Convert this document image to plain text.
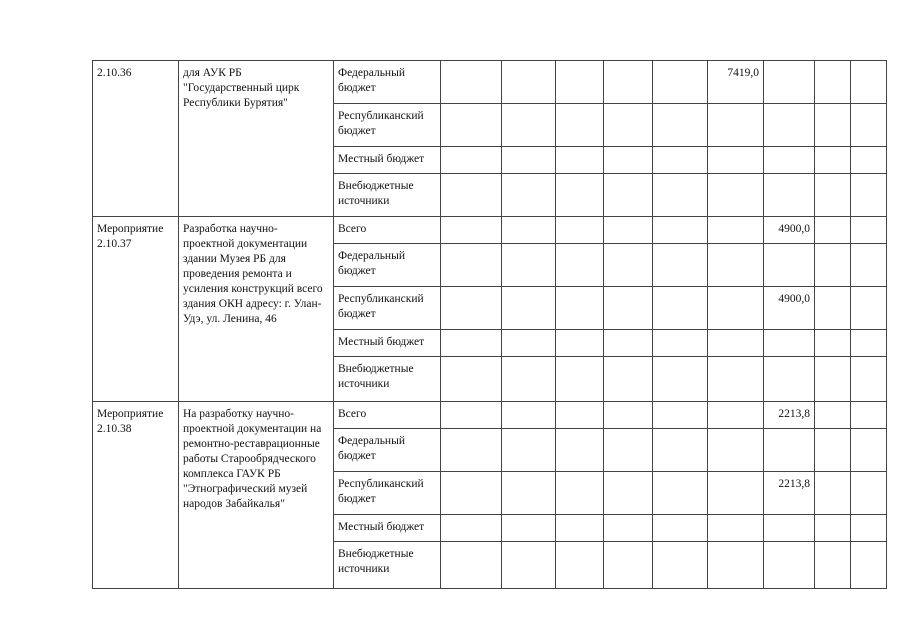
2.10.36	для АУК РБ "Государственный цирк Республики Бурятия"	Федеральный бюджет						7419,0			
		Республиканский бюджет									
		Местный бюджет									
		Внебюджетные источники									
Мероприятие 2.10.37	Разработка научно-проектной документации здании Музея РБ для проведения ремонта и усиления конструкций всего здания ОКН адресу: г. Улан-Удэ, ул. Ленина, 46	Всего							4900,0		
		Федеральный бюджет									
		Республиканский бюджет							4900,0		
		Местный бюджет									
		Внебюджетные источники									
Мероприятие 2.10.38	На разработку научно-проектной документации на ремонтно-реставрационные работы Старообрядческого комплекса ГАУК РБ "Этнографический музей народов Забайкалья"	Всего							2213,8		
		Федеральный бюджет									
		Республиканский бюджет							2213,8		
		Местный бюджет									
		Внебюджетные источники									
